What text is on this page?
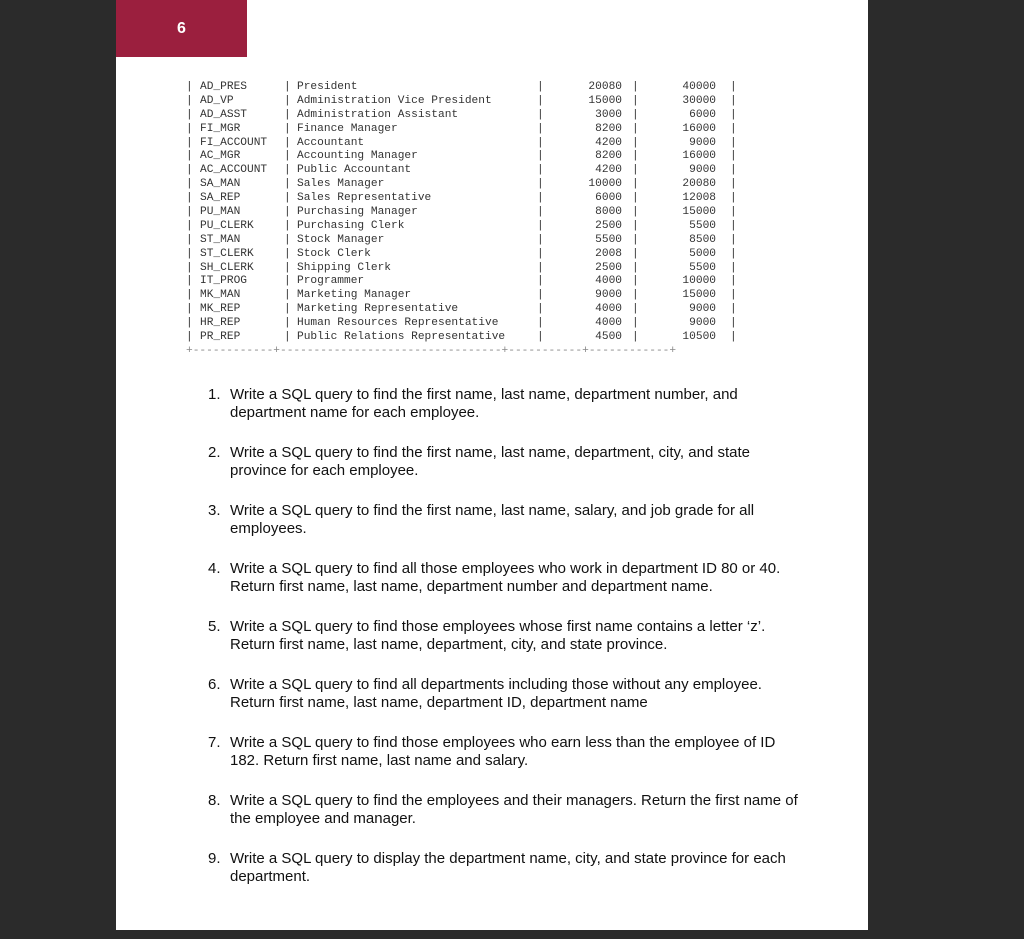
6
| AD_PRES	| President	|	20080 |	40000 |
| AD_VP	| Administration Vice President	|	15000 |	30000 |
| AD_ASST	| Administration Assistant	|	3000 |	6000 |
| FI_MGR	| Finance Manager	|	8200 |	16000 |
| FI_ACCOUNT | Accountant	|	4200 |	9000 |
| AC_MGR	| Accounting Manager	|	8200 |	16000 |
| AC_ACCOUNT | Public Accountant	|	4200 |	9000 |
| SA_MAN	| Sales Manager	|	10000 |	20080 |
| SA_REP	| Sales Representative	|	6000 |	12008 |
| PU_MAN	| Purchasing Manager	|	8000 |	15000 |
| PU_CLERK	| Purchasing Clerk	|	2500 |	5500 |
| ST_MAN	| Stock Manager	|	5500 |	8500 |
| ST_CLERK	| Stock Clerk	|	2008 |	5000 |
| SH_CLERK	| Shipping Clerk	|	2500 |	5500 |
| IT_PROG	| Programmer	|	4000 |	10000 |
| MK_MAN	| Marketing Manager	|	9000 |	15000 |
| MK_REP	| Marketing Representative	|	4000 |	9000 |
| HR_REP	| Human Resources Representative	|	4000 |	9000 |
| PR_REP	| Public Relations Representative	|	4500 |	10500 |
+------------+---------------------------------+-----------+------------+
1. Write a SQL query to find the first name, last name, department number, and department name for each employee.
2. Write a SQL query to find the first name, last name, department, city, and state province for each employee.
3. Write a SQL query to find the first name, last name, salary, and job grade for all employees.
4. Write a SQL query to find all those employees who work in department ID 80 or 40. Return first name, last name, department number and department name.
5. Write a SQL query to find those employees whose first name contains a letter ‘z’. Return first name, last name, department, city, and state province.
6. Write a SQL query to find all departments including those without any employee. Return first name, last name, department ID, department name
7. Write a SQL query to find those employees who earn less than the employee of ID 182. Return first name, last name and salary.
8. Write a SQL query to find the employees and their managers. Return the first name of the employee and manager.
9. Write a SQL query to display the department name, city, and state province for each department.
